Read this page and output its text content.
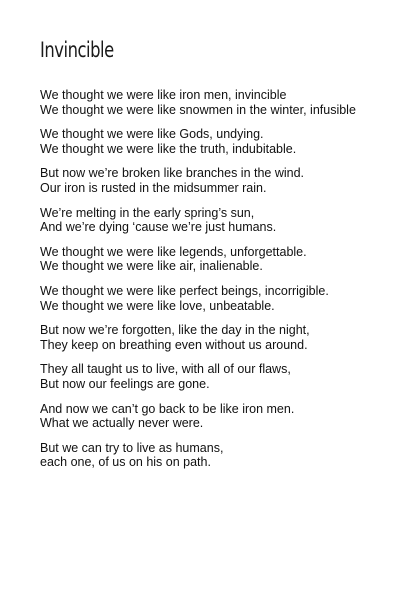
Invincible

We thought we were like iron men, invincible
We thought we were like snowmen in the winter, infusible

We thought we were like Gods, undying.
We thought we were like the truth, indubitable.

But now we’re broken like branches in the wind.
Our iron is rusted in the midsummer rain.

We’re melting in the early spring’s sun,
And we’re dying ‘cause we’re just humans.

We thought we were like legends, unforgettable.
We thought we were like air, inalienable.

We thought we were like perfect beings, incorrigible.
We thought we were like love, unbeatable.

But now we’re forgotten, like the day in the night,
They keep on breathing even without us around.

They all taught us to live, with all of our flaws,
But now our feelings are gone.

And now we can’t go back to be like iron men.
What we actually never were.

But we can try to live as humans,
each one, of us on his on path.
